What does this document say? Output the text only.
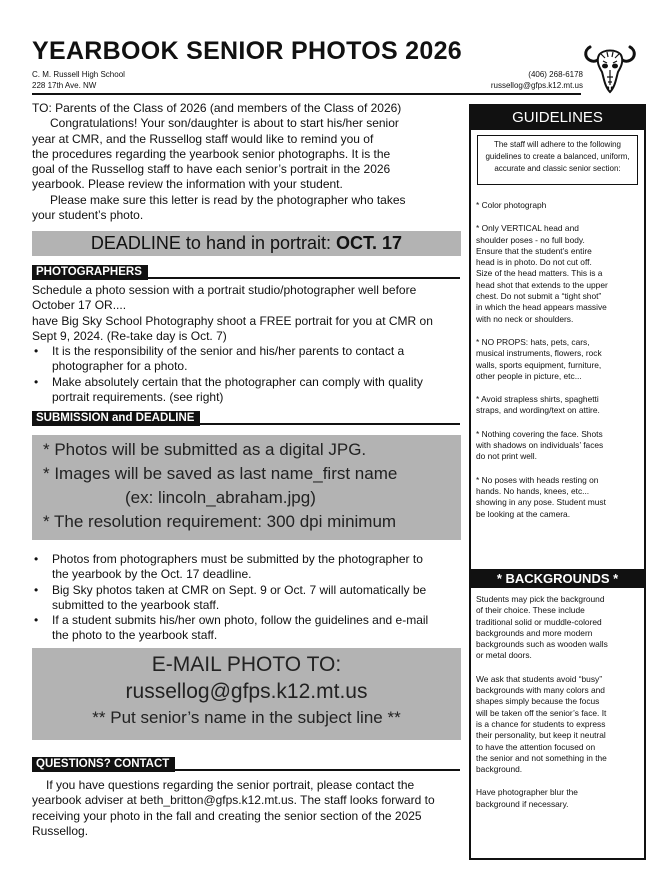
YEARBOOK SENIOR PHOTOS 2026
C. M. Russell High School
228 17th Ave. NW
(406) 268-6178
russellog@gfps.k12.mt.us
TO: Parents of the Class of 2026 (and members of the Class of 2026)
Congratulations! Your son/daughter is about to start his/her senior
year at CMR, and the Russellog staff would like to remind you of
the procedures regarding the yearbook senior photographs. It is the
goal of the Russellog staff to have each senior’s portrait in the 2026
yearbook. Please review the information with your student.
Please make sure this letter is read by the photographer who takes
your student’s photo.
DEADLINE to hand in portrait: OCT. 17
PHOTOGRAPHERS
Schedule a photo session with a portrait studio/photographer well before
October 17 OR....
have Big Sky School Photography shoot a FREE portrait for you at CMR on
Sept 9, 2024. (Re-take day is Oct. 7)
• It is the responsibility of the senior and his/her parents to contact a
photographer for a photo.
• Make absolutely certain that the photographer can comply with quality
portrait requirements. (see right)
SUBMISSION and DEADLINE
* Photos will be submitted as a digital JPG.
* Images will be saved as last name_first name
(ex: lincoln_abraham.jpg)
* The resolution requirement: 300 dpi minimum
• Photos from photographers must be submitted by the photographer to
the yearbook by the Oct. 17 deadline.
• Big Sky photos taken at CMR on Sept. 9 or Oct. 7 will automatically be
submitted to the yearbook staff.
• If a student submits his/her own photo, follow the guidelines and e-mail
the photo to the yearbook staff.
E-MAIL PHOTO TO:
russellog@gfps.k12.mt.us
** Put senior’s name in the subject line **
QUESTIONS? CONTACT
If you have questions regarding the senior portrait, please contact the
yearbook adviser at beth_britton@gfps.k12.mt.us. The staff looks forward to
receiving your photo in the fall and creating the senior section of the 2025
Russellog.
GUIDELINES
The staff will adhere to the following
guidelines to create a balanced, uniform,
accurate and classic senior section:
* Color photograph
* Only VERTICAL head and
shoulder poses - no full body.
Ensure that the student’s entire
head is in photo. Do not cut off.
Size of the head matters. This is a
head shot that extends to the upper
chest. Do not submit a “tight shot”
in which the head appears massive
with no neck or shoulders.
* NO PROPS: hats, pets, cars,
musical instruments, flowers, rock
walls, sports equipment, furniture,
other people in picture, etc...
* Avoid strapless shirts, spaghetti
straps, and wording/text on attire.
* Nothing covering the face. Shots
with shadows on individuals’ faces
do not print well.
* No poses with heads resting on
hands. No hands, knees, etc...
showing in any pose. Student must
be looking at the camera.
* BACKGROUNDS *
Students may pick the background
of their choice. These include
traditional solid or muddle-colored
backgrounds and more modern
backgrounds such as wooden walls
or metal doors.
We ask that students avoid “busy”
backgrounds with many colors and
shapes simply because the focus
will be taken off the senior’s face. It
is a chance for students to express
their personality, but keep it neutral
to have the attention focused on
the senior and not something in the
background.
Have photographer blur the
background if necessary.
